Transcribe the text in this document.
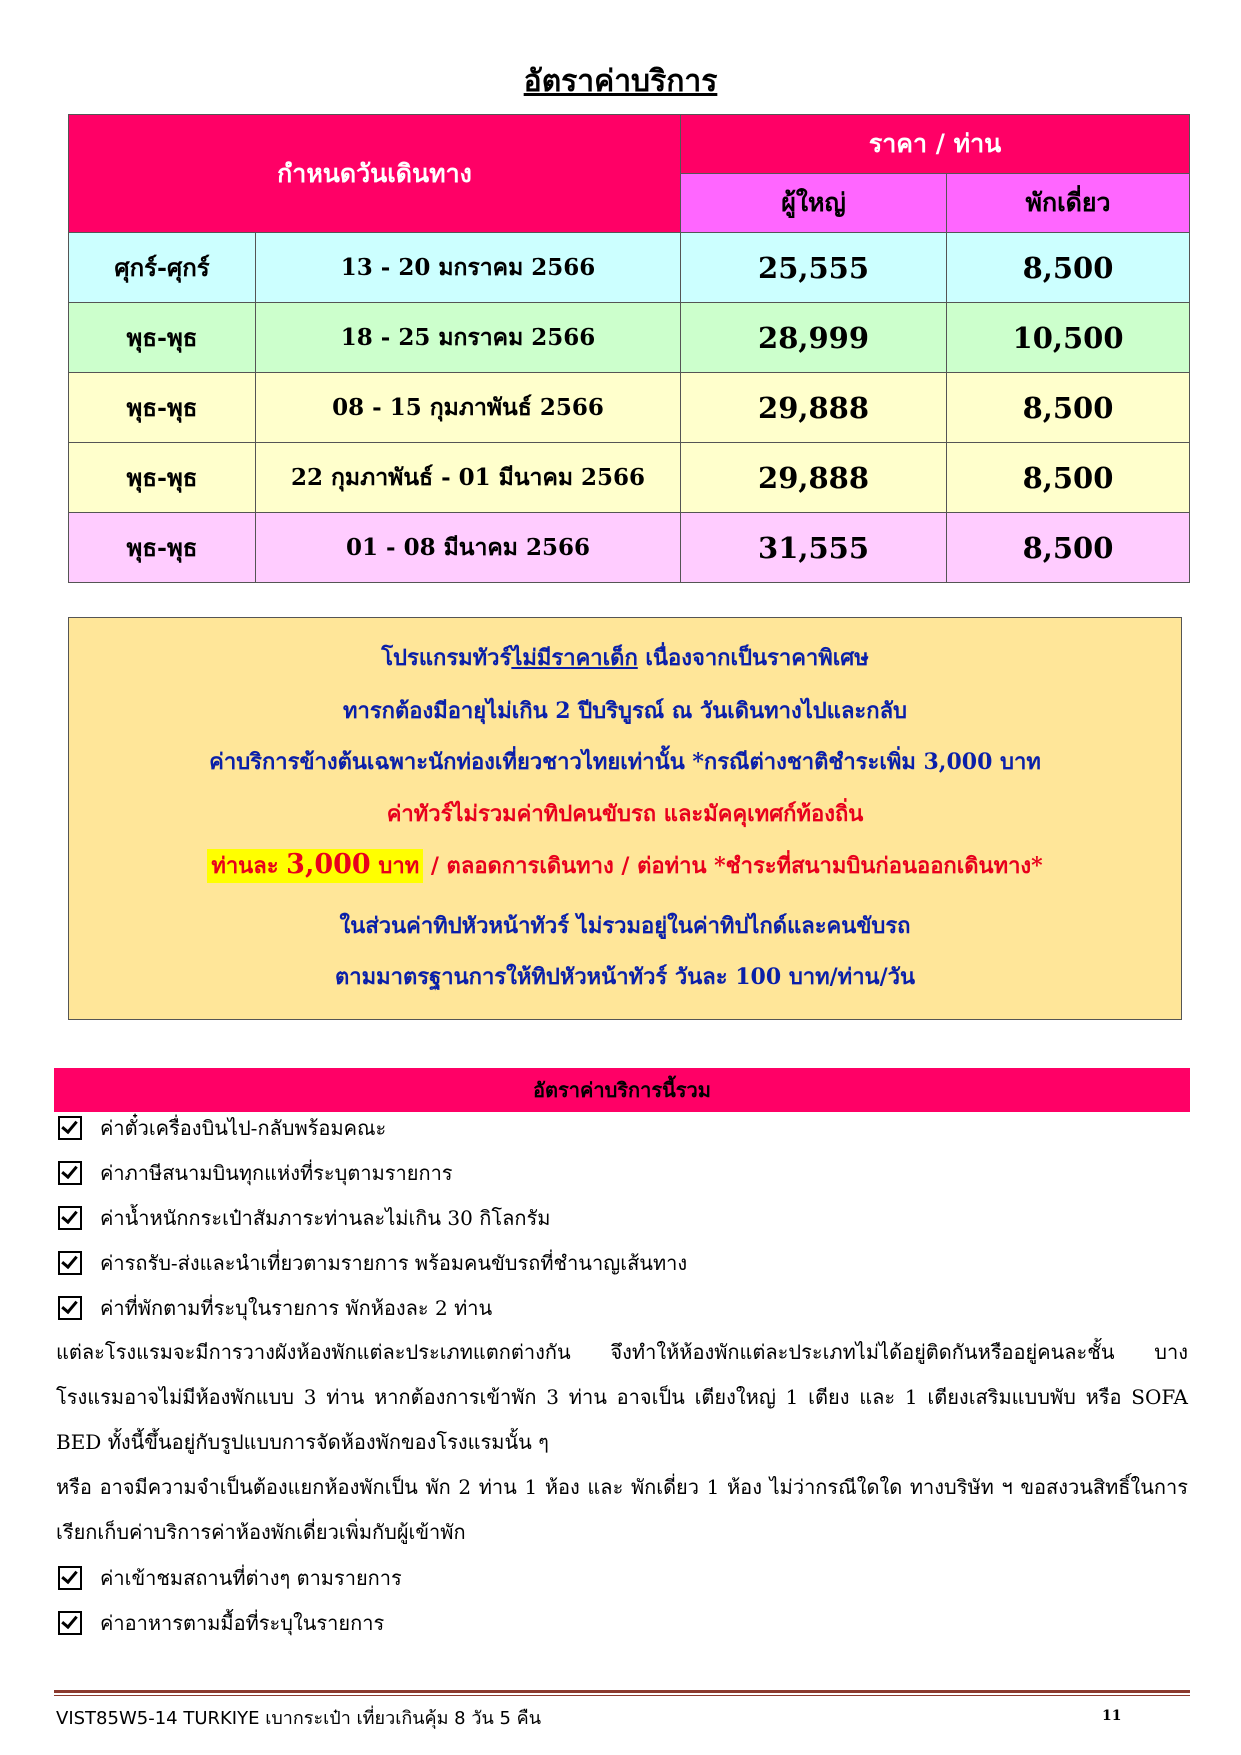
อัตราค่าบริการ
กำหนดวันเดินทาง		ราคา / ท่าน	
		ผู้ใหญ่	พักเดี่ยว
ศุกร์-ศุกร์	13 - 20 มกราคม 2566	25,555	8,500
พุธ-พุธ	18 - 25 มกราคม 2566	28,999	10,500
พุธ-พุธ	08 - 15 กุมภาพันธ์ 2566	29,888	8,500
พุธ-พุธ	22 กุมภาพันธ์ - 01 มีนาคม 2566	29,888	8,500
พุธ-พุธ	01 - 08 มีนาคม 2566	31,555	8,500
โปรแกรมทัวร์ไม่มีราคาเด็ก เนื่องจากเป็นราคาพิเศษ
ทารกต้องมีอายุไม่เกิน 2 ปีบริบูรณ์ ณ วันเดินทางไปและกลับ
ค่าบริการข้างต้นเฉพาะนักท่องเที่ยวชาวไทยเท่านั้น *กรณีต่างชาติชำระเพิ่ม 3,000 บาท
ค่าทัวร์ไม่รวมค่าทิปคนขับรถ และมัคคุเทศก์ท้องถิ่น
ท่านละ 3,000 บาท / ตลอดการเดินทาง / ต่อท่าน *ชำระที่สนามบินก่อนออกเดินทาง*
ในส่วนค่าทิปหัวหน้าทัวร์ ไม่รวมอยู่ในค่าทิปไกด์และคนขับรถ
ตามมาตรฐานการให้ทิปหัวหน้าทัวร์ วันละ 100 บาท/ท่าน/วัน
อัตราค่าบริการนี้รวม
ค่าตั๋วเครื่องบินไป-กลับพร้อมคณะ
ค่าภาษีสนามบินทุกแห่งที่ระบุตามรายการ
ค่าน้ำหนักกระเป๋าสัมภาระท่านละไม่เกิน 30 กิโลกรัม
ค่ารถรับ-ส่งและนำเที่ยวตามรายการ พร้อมคนขับรถที่ชำนาญเส้นทาง
ค่าที่พักตามที่ระบุในรายการ พักห้องละ 2 ท่าน
แต่ละโรงแรมจะมีการวางผังห้องพักแต่ละประเภทแตกต่างกัน จึงทำให้ห้องพักแต่ละประเภทไม่ได้อยู่ติดกันหรืออยู่คนละชั้น บางโรงแรมอาจไม่มีห้องพักแบบ 3 ท่าน หากต้องการเข้าพัก 3 ท่าน อาจเป็น เตียงใหญ่ 1 เตียง และ 1 เตียงเสริมแบบพับ หรือ SOFA BED ทั้งนี้ขึ้นอยู่กับรูปแบบการจัดห้องพักของโรงแรมนั้น ๆ
หรือ อาจมีความจำเป็นต้องแยกห้องพักเป็น พัก 2 ท่าน 1 ห้อง และ พักเดี่ยว 1 ห้อง ไม่ว่ากรณีใดใด ทางบริษัท ฯ ขอสงวนสิทธิ์ในการเรียกเก็บค่าบริการค่าห้องพักเดี่ยวเพิ่มกับผู้เข้าพัก
ค่าเข้าชมสถานที่ต่างๆ ตามรายการ
ค่าอาหารตามมื้อที่ระบุในรายการ
VIST85W5-14 TURKIYE เบากระเป๋า เที่ยวเกินคุ้ม 8 วัน 5 คืน	11
